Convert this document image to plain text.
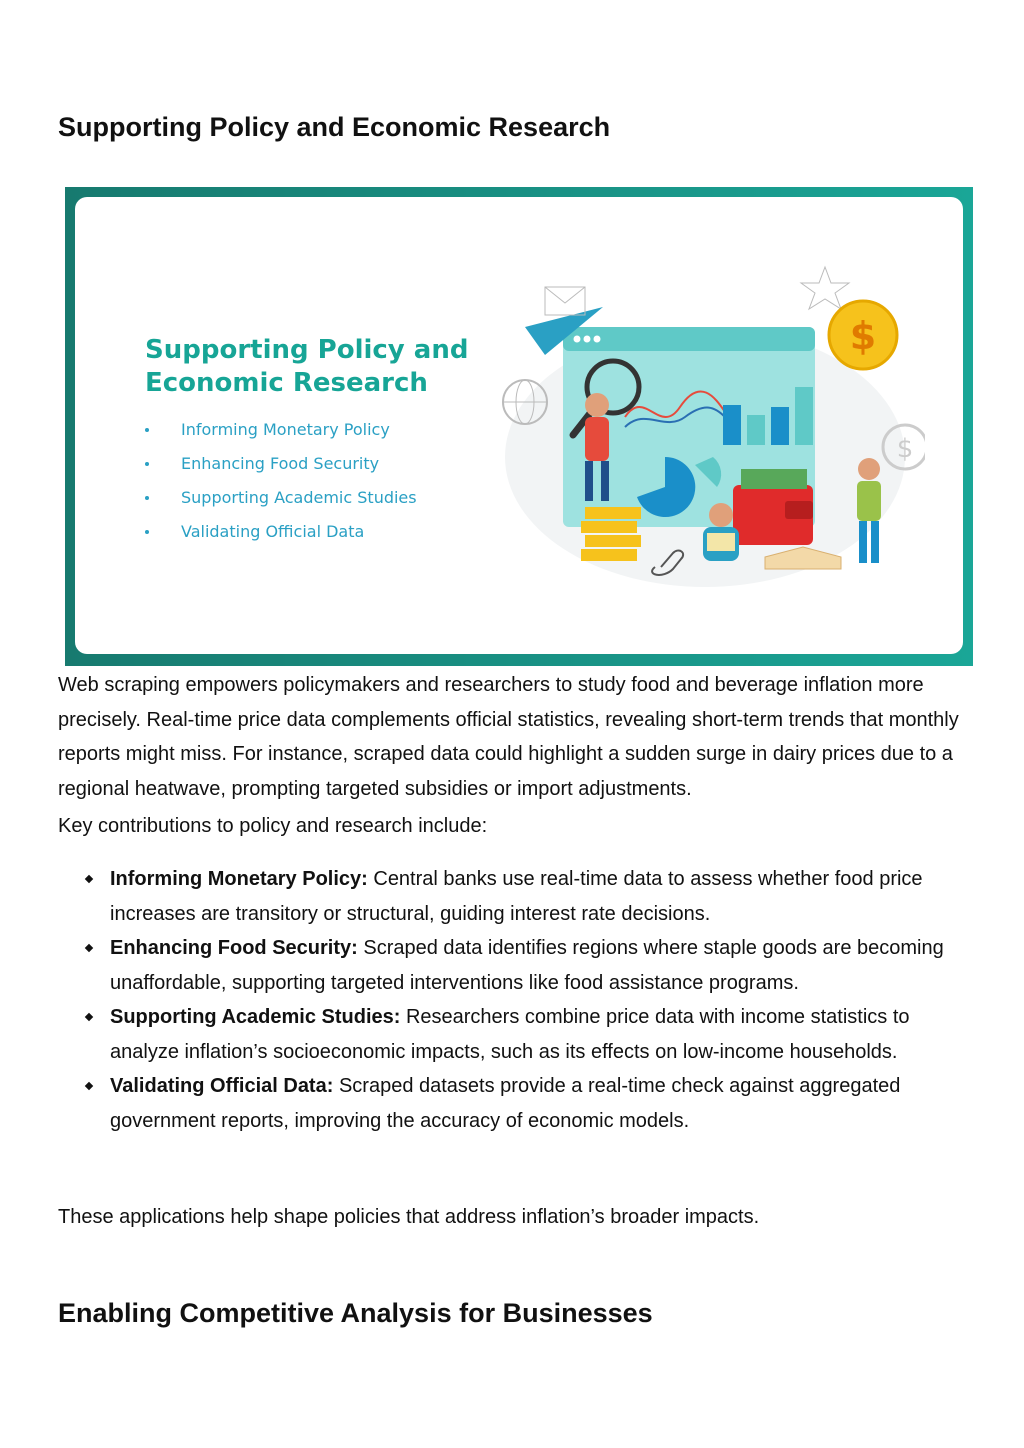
Supporting Policy and Economic Research
Supporting Policy and Economic Research
Informing Monetary Policy
Enhancing Food Security
Supporting Academic Studies
Validating Official Data
$
$

Web scraping empowers policymakers and researchers to study food and beverage inflation more precisely. Real-time price data complements official statistics, revealing short-term trends that monthly reports might miss. For instance, scraped data could highlight a sudden surge in dairy prices due to a regional heatwave, prompting targeted subsidies or import adjustments.

Key contributions to policy and research include:

Informing Monetary Policy: Central banks use real-time data to assess whether food price increases are transitory or structural, guiding interest rate decisions.
Enhancing Food Security: Scraped data identifies regions where staple goods are becoming unaffordable, supporting targeted interventions like food assistance programs.
Supporting Academic Studies: Researchers combine price data with income statistics to analyze inflation’s socioeconomic impacts, such as its effects on low-income households.
Validating Official Data: Scraped datasets provide a real-time check against aggregated government reports, improving the accuracy of economic models.

These applications help shape policies that address inflation’s broader impacts.

Enabling Competitive Analysis for Businesses
